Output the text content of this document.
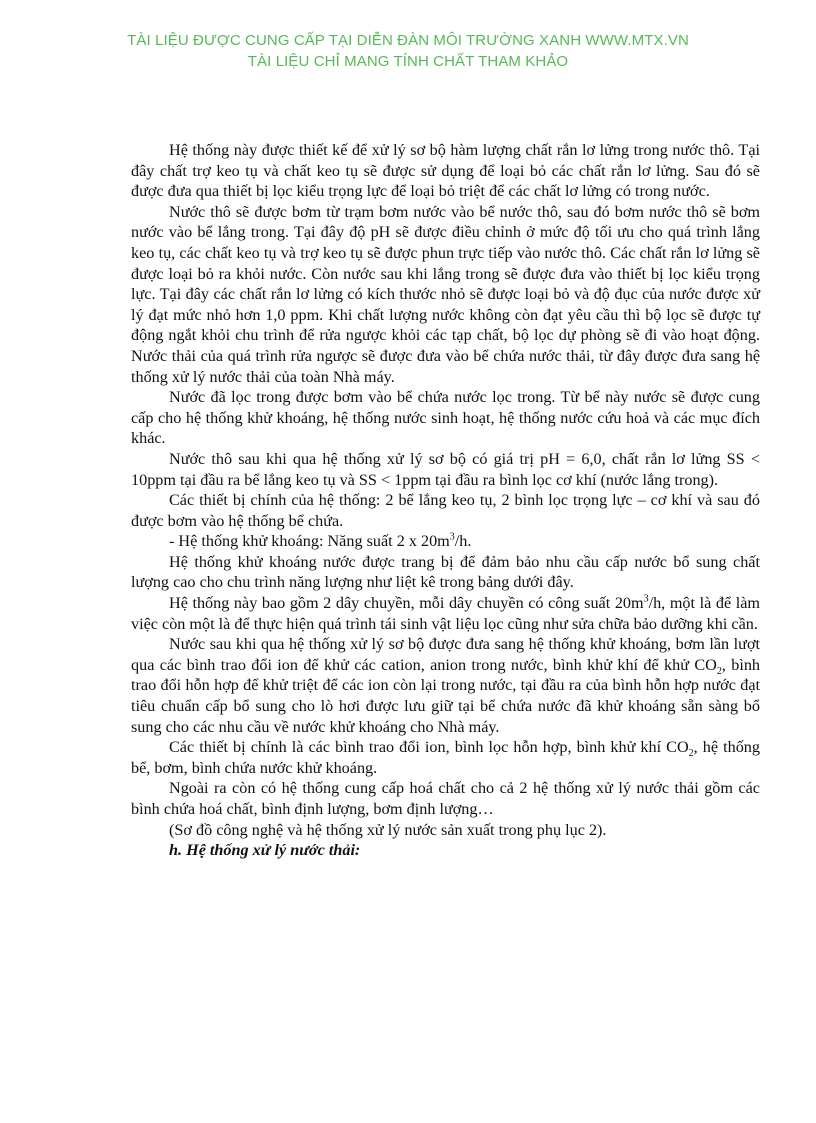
TÀI LIỆU ĐƯỢC CUNG CẤP TẠI DIỄN ĐÀN MÔI TRƯỜNG XANH WWW.MTX.VN
TÀI LIỆU CHỈ MANG TÍNH CHẤT THAM KHẢO

Hệ thống này được thiết kế để xử lý sơ bộ hàm lượng chất rắn lơ lửng trong nước thô. Tại đây chất trợ keo tụ và chất keo tụ sẽ được sử dụng để loại bỏ các chất rắn lơ lửng. Sau đó sẽ được đưa qua thiết bị lọc kiểu trọng lực để loại bỏ triệt để các chất lơ lửng có trong nước.

Nước thô sẽ được bơm từ trạm bơm nước vào bể nước thô, sau đó bơm nước thô sẽ bơm nước vào bể lắng trong. Tại đây độ pH sẽ được điều chỉnh ở mức độ tối ưu cho quá trình lắng keo tụ, các chất keo tụ và trợ keo tụ sẽ được phun trực tiếp vào nước thô. Các chất rắn lơ lửng sẽ được loại bỏ ra khỏi nước. Còn nước sau khi lắng trong sẽ được đưa vào thiết bị lọc kiểu trọng lực. Tại đây các chất rắn lơ lửng có kích thước nhỏ sẽ được loại bỏ và độ đục của nước được xử lý đạt mức nhỏ hơn 1,0 ppm. Khi chất lượng nước không còn đạt yêu cầu thì bộ lọc sẽ được tự động ngắt khỏi chu trình để rửa ngược khỏi các tạp chất, bộ lọc dự phòng sẽ đi vào hoạt động. Nước thải của quá trình rửa ngược sẽ được đưa vào bể chứa nước thải, từ đây được đưa sang hệ thống xử lý nước thải của toàn Nhà máy.

Nước đã lọc trong được bơm vào bể chứa nước lọc trong. Từ bể này nước sẽ được cung cấp cho hệ thống khử khoáng, hệ thống nước sinh hoạt, hệ thống nước cứu hoả và các mục đích khác.

Nước thô sau khi qua hệ thống xử lý sơ bộ có giá trị pH = 6,0, chất rắn lơ lửng SS < 10ppm tại đầu ra bể lắng keo tụ và SS < 1ppm tại đầu ra bình lọc cơ khí (nước lắng trong).

Các thiết bị chính của hệ thống: 2 bể lắng keo tụ, 2 bình lọc trọng lực – cơ khí và sau đó được bơm vào hệ thống bể chứa.

- Hệ thống khử khoáng: Năng suất 2 x $20m^3/h$.

Hệ thống khử khoáng nước được trang bị để đảm bảo nhu cầu cấp nước bổ sung chất lượng cao cho chu trình năng lượng như liệt kê trong bảng dưới đây.

Hệ thống này bao gồm 2 dây chuyền, mỗi dây chuyền có công suất $20m^3/h$, một là để làm việc còn một là để thực hiện quá trình tái sinh vật liệu lọc cũng như sửa chữa bảo dưỡng khi cần.

Nước sau khi qua hệ thống xử lý sơ bộ được đưa sang hệ thống khử khoáng, bơm lần lượt qua các bình trao đổi ion để khử các cation, anion trong nước, bình khử khí để khử $CO_2$, bình trao đổi hỗn hợp để khử triệt để các ion còn lại trong nước, tại đầu ra của bình hỗn hợp nước đạt tiêu chuẩn cấp bổ sung cho lò hơi được lưu giữ tại bể chứa nước đã khử khoáng sẵn sàng bổ sung cho các nhu cầu về nước khử khoáng cho Nhà máy.

Các thiết bị chính là các bình trao đổi ion, bình lọc hỗn hợp, bình khử khí $CO_2$, hệ thống bể, bơm, bình chứa nước khử khoáng.

Ngoài ra còn có hệ thống cung cấp hoá chất cho cả 2 hệ thống xử lý nước thải gồm các bình chứa hoá chất, bình định lượng, bơm định lượng…

(Sơ đồ công nghệ và hệ thống xử lý nước sản xuất trong phụ lục 2).

h. Hệ thống xử lý nước thải:
